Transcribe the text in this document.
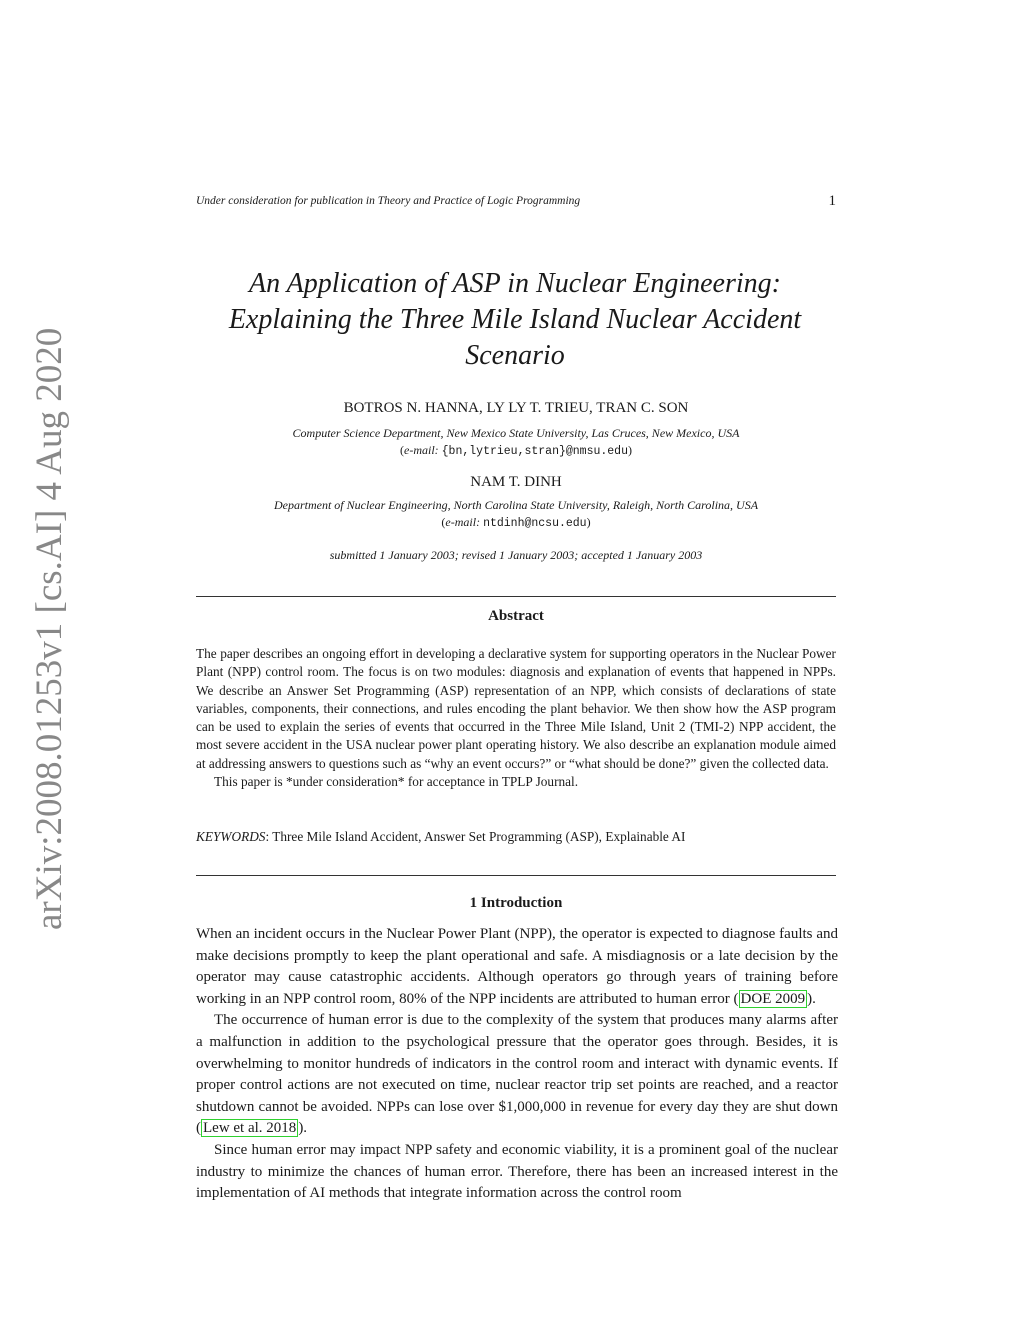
arXiv:2008.01253v1 [cs.AI] 4 Aug 2020
Under consideration for publication in Theory and Practice of Logic Programming	1
An Application of ASP in Nuclear Engineering:
Explaining the Three Mile Island Nuclear Accident
Scenario
BOTROS N. HANNA, LY LY T. TRIEU, TRAN C. SON
Computer Science Department, New Mexico State University, Las Cruces, New Mexico, USA
(e-mail: {bn,lytrieu,stran}@nmsu.edu)
NAM T. DINH
Department of Nuclear Engineering, North Carolina State University, Raleigh, North Carolina, USA
(e-mail: ntdinh@ncsu.edu)
submitted 1 January 2003; revised 1 January 2003; accepted 1 January 2003
Abstract

The paper describes an ongoing effort in developing a declarative system for supporting operators in the Nuclear Power Plant (NPP) control room. The focus is on two modules: diagnosis and explanation of events that happened in NPPs. We describe an Answer Set Programming (ASP) representation of an NPP, which consists of declarations of state variables, components, their connections, and rules encoding the plant behavior. We then show how the ASP program can be used to explain the series of events that occurred in the Three Mile Island, Unit 2 (TMI-2) NPP accident, the most severe accident in the USA nuclear power plant operating history. We also describe an explanation module aimed at addressing answers to questions such as “why an event occurs?” or “what should be done?” given the collected data.

This paper is *under consideration* for acceptance in TPLP Journal.

KEYWORDS: Three Mile Island Accident, Answer Set Programming (ASP), Explainable AI
1 Introduction

When an incident occurs in the Nuclear Power Plant (NPP), the operator is expected to diagnose faults and make decisions promptly to keep the plant operational and safe. A misdiagnosis or a late decision by the operator may cause catastrophic accidents. Although operators go through years of training before working in an NPP control room, 80% of the NPP incidents are attributed to human error ( DOE 2009 ).

The occurrence of human error is due to the complexity of the system that produces many alarms after a malfunction in addition to the psychological pressure that the operator goes through. Besides, it is overwhelming to monitor hundreds of indicators in the control room and interact with dynamic events. If proper control actions are not executed on time, nuclear reactor trip set points are reached, and a reactor shutdown cannot be avoided. NPPs can lose over $1,000,000 in revenue for every day they are shut down ( Lew et al. 2018 ).

Since human error may impact NPP safety and economic viability, it is a prominent goal of the nuclear industry to minimize the chances of human error. Therefore, there has been an increased interest in the implementation of AI methods that integrate information across the control room
